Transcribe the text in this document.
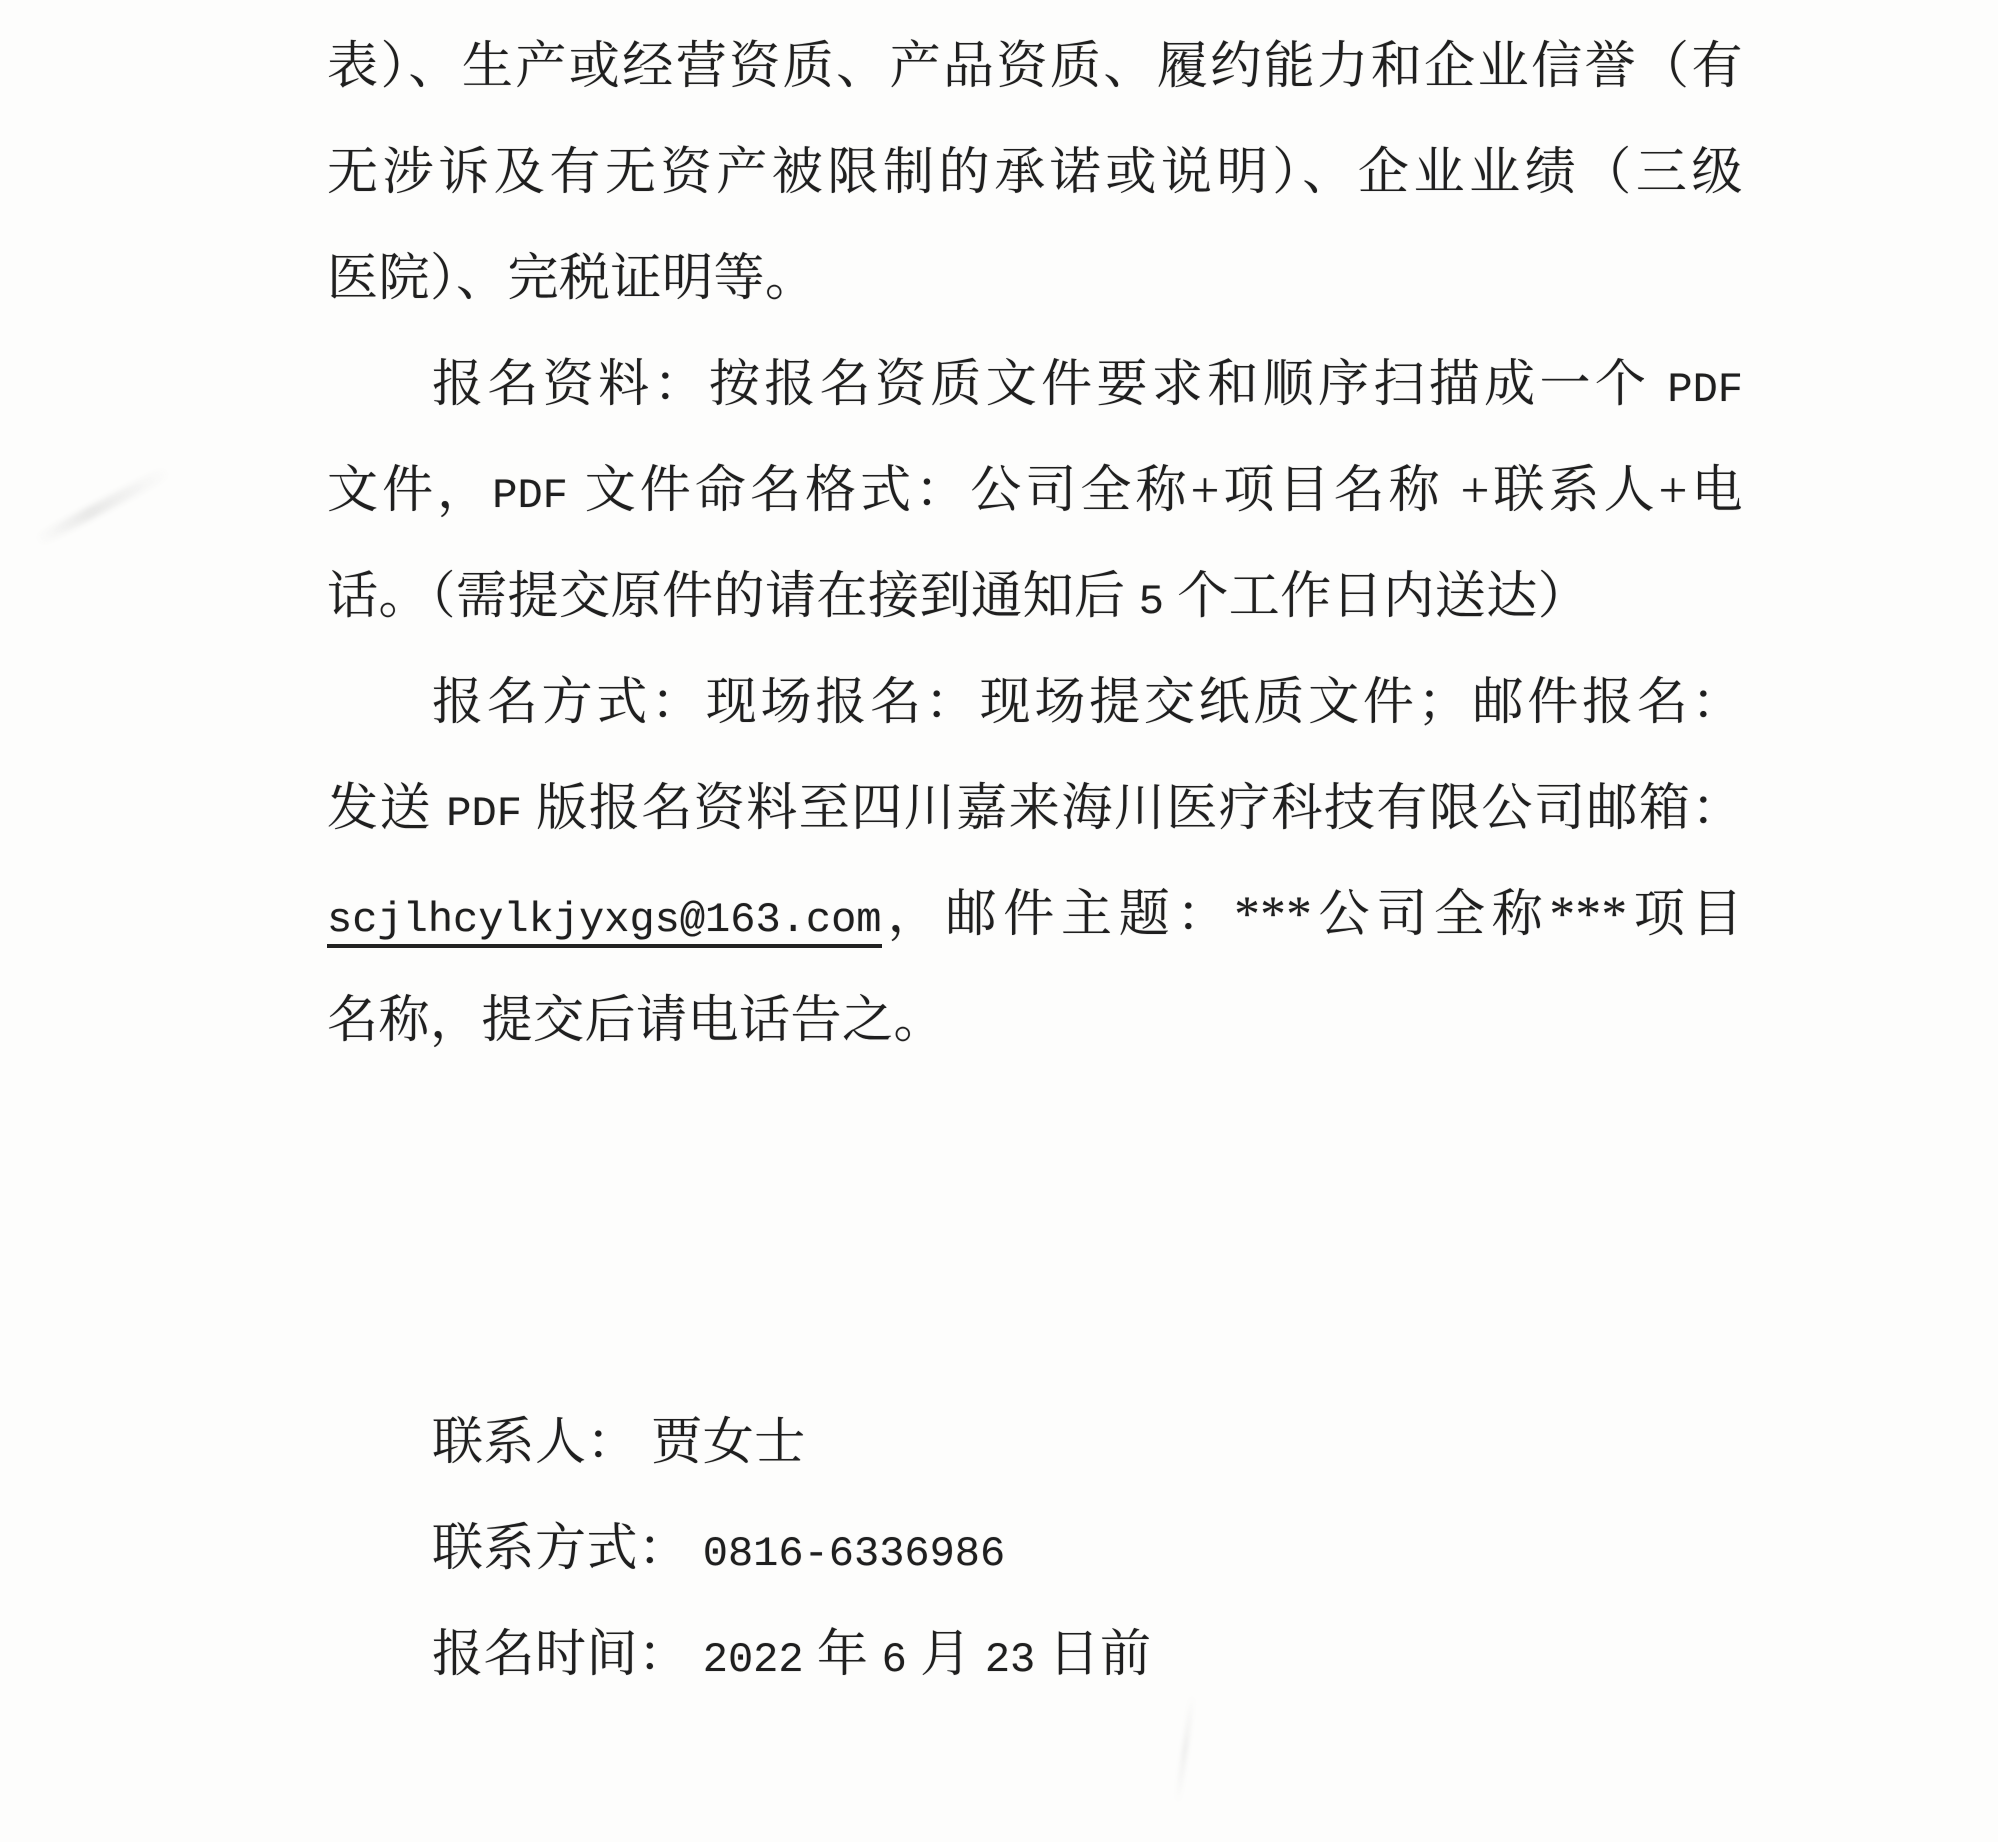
表）、生产或经营资质、产品资质、履约能力和企业信誉（有
无涉诉及有无资产被限制的承诺或说明）、企业业绩（三级
医院）、完税证明等。
报名资料：按报名资质文件要求和顺序扫描成一个 PDF
文件，PDF 文件命名格式：公司全称+项目名称 +联系人+电
话。（需提交原件的请在接到通知后 5 个工作日内送达）
报名方式：现场报名：现场提交纸质文件；邮件报名：
发送 PDF 版报名资料至四川嘉来海川医疗科技有限公司邮箱：
scjlhcylkjyxgs@163.com，邮件主题：***公司全称***项目
名称，提交后请电话告之。
联系人： 贾女士
联系方式： 0816-6336986
报名时间： 2022 年 6 月 23 日前
